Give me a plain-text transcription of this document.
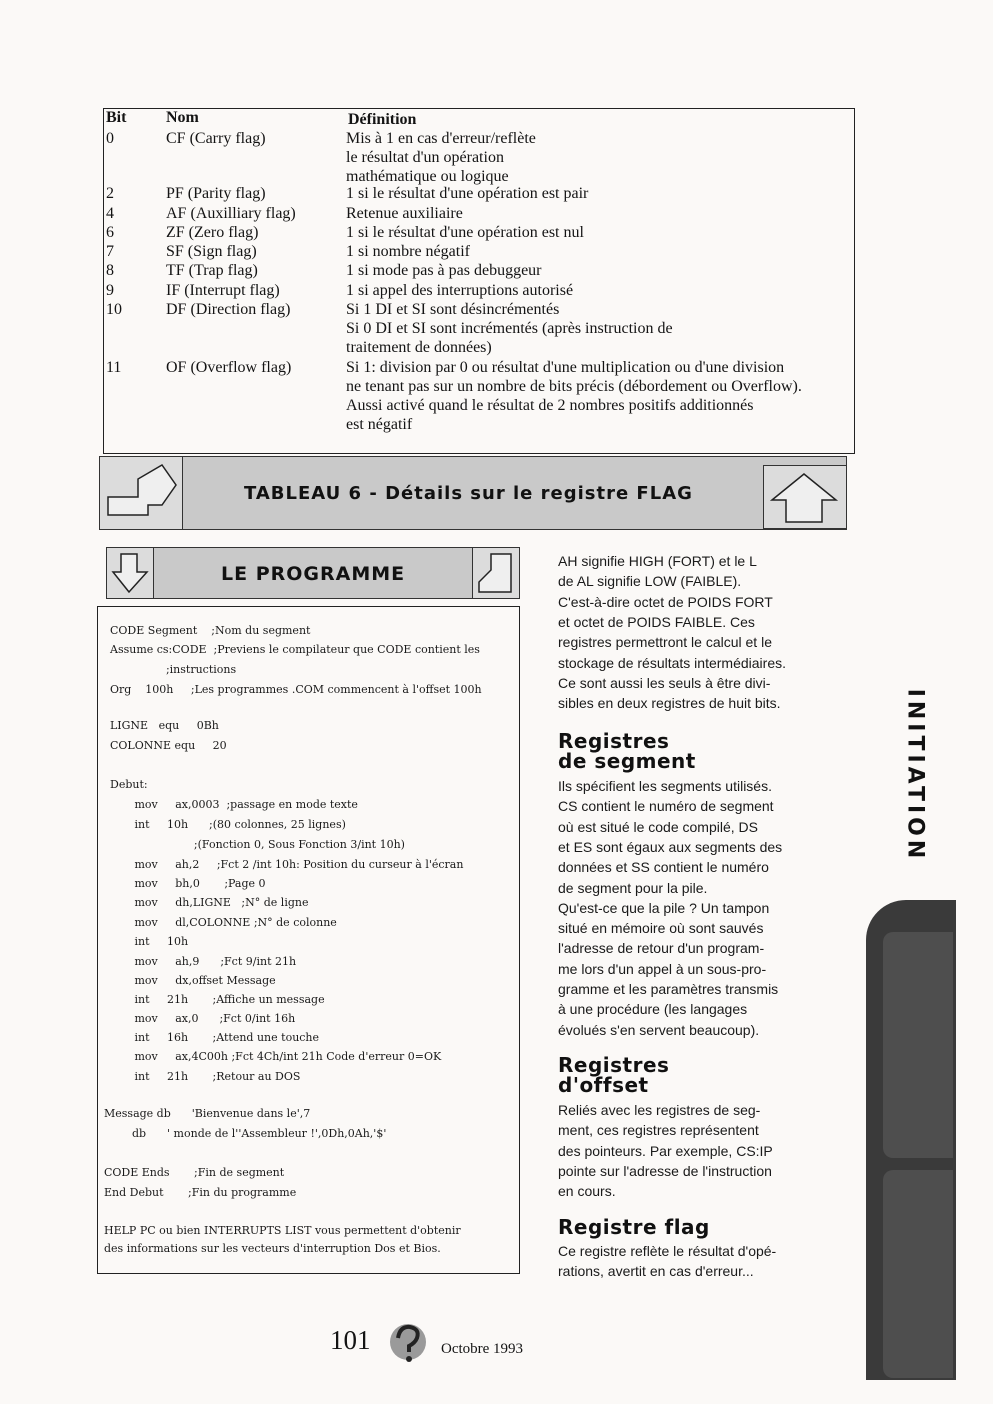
Bit Nom	Définition
0	CF (Carry flag)	Mis à 1 en cas d'erreur/reflète
le résultat d'un opération
mathématique ou logique
2	PF (Parity flag)	1 si le résultat d'une opération est pair
4	AF (Auxilliary flag)	Retenue auxiliaire
6	ZF (Zero flag)	1 si le résultat d'une opération est nul
7	SF (Sign flag)	1 si nombre négatif
8	TF (Trap flag)	1 si mode pas à pas debuggeur
9	IF (Interrupt flag)	1 si appel des interruptions autorisé
10	DF (Direction flag)	Si 1 DI et SI sont désincrémentés
Si 0 DI et SI sont incrémentés (après instruction de
traitement de données)
11	OF (Overflow flag)	Si 1: division par 0 ou résultat d'une multiplication ou d'une division
ne tenant pas sur un nombre de bits précis (débordement ou Overflow).
Aussi activé quand le résultat de 2 nombres positifs additionnés
est négatif
TABLEAU 6 - Détails sur le registre FLAG
LE PROGRAMME
CODE Segment    ;Nom du segment
Assume cs:CODE  ;Previens le compilateur que CODE contient les
;instructions
Org    100h     ;Les programmes .COM commencent à l'offset 100h
LIGNE   equ     0Bh
COLONNE equ     20
Debut:
mov     ax,0003  ;passage en mode texte
int     10h      ;(80 colonnes, 25 lignes)
;(Fonction 0, Sous Fonction 3/int 10h)
mov     ah,2     ;Fct 2 /int 10h: Position du curseur à l'écran
mov     bh,0       ;Page 0
mov     dh,LIGNE   ;N° de ligne
mov     dl,COLONNE ;N° de colonne
int     10h
mov     ah,9      ;Fct 9/int 21h
mov     dx,offset Message
int     21h       ;Affiche un message
mov     ax,0      ;Fct 0/int 16h
int     16h       ;Attend une touche
mov     ax,4C00h ;Fct 4Ch/int 21h Code d'erreur 0=OK
int     21h       ;Retour au DOS
Message db      'Bienvenue dans le',7
db      ' monde de l''Assembleur !',0Dh,0Ah,'$'
CODE Ends       ;Fin de segment
End Debut       ;Fin du programme
HELP PC ou bien INTERRUPTS LIST vous permettent d'obtenir
des informations sur les vecteurs d'interruption Dos et Bios.
AH signifie HIGH (FORT) et le L
de AL signifie LOW (FAIBLE).
C'est-à-dire octet de POIDS FORT
et octet de POIDS FAIBLE. Ces
registres permettront le calcul et le
stockage de résultats intermédiaires.
Ce sont aussi les seuls à être divi-
sibles en deux registres de huit bits.
Registres
de segment
Ils spécifient les segments utilisés.
CS contient le numéro de segment
où est situé le code compilé, DS
et ES sont égaux aux segments des
données et SS contient le numéro
de segment pour la pile.
Qu'est-ce que la pile ? Un tampon
situé en mémoire où sont sauvés
l'adresse de retour d'un program-
me lors d'un appel à un sous-pro-
gramme et les paramètres transmis
à une procédure (les langages
évolués s'en servent beaucoup).
Registres
d'offset
Reliés avec les registres de seg-
ment, ces registres représentent
des pointeurs. Par exemple, CS:IP
pointe sur l'adresse de l'instruction
en cours.
Registre flag
Ce registre reflète le résultat d'opé-
rations, avertit en cas d'erreur...
INITIATION
101	Octobre 1993
